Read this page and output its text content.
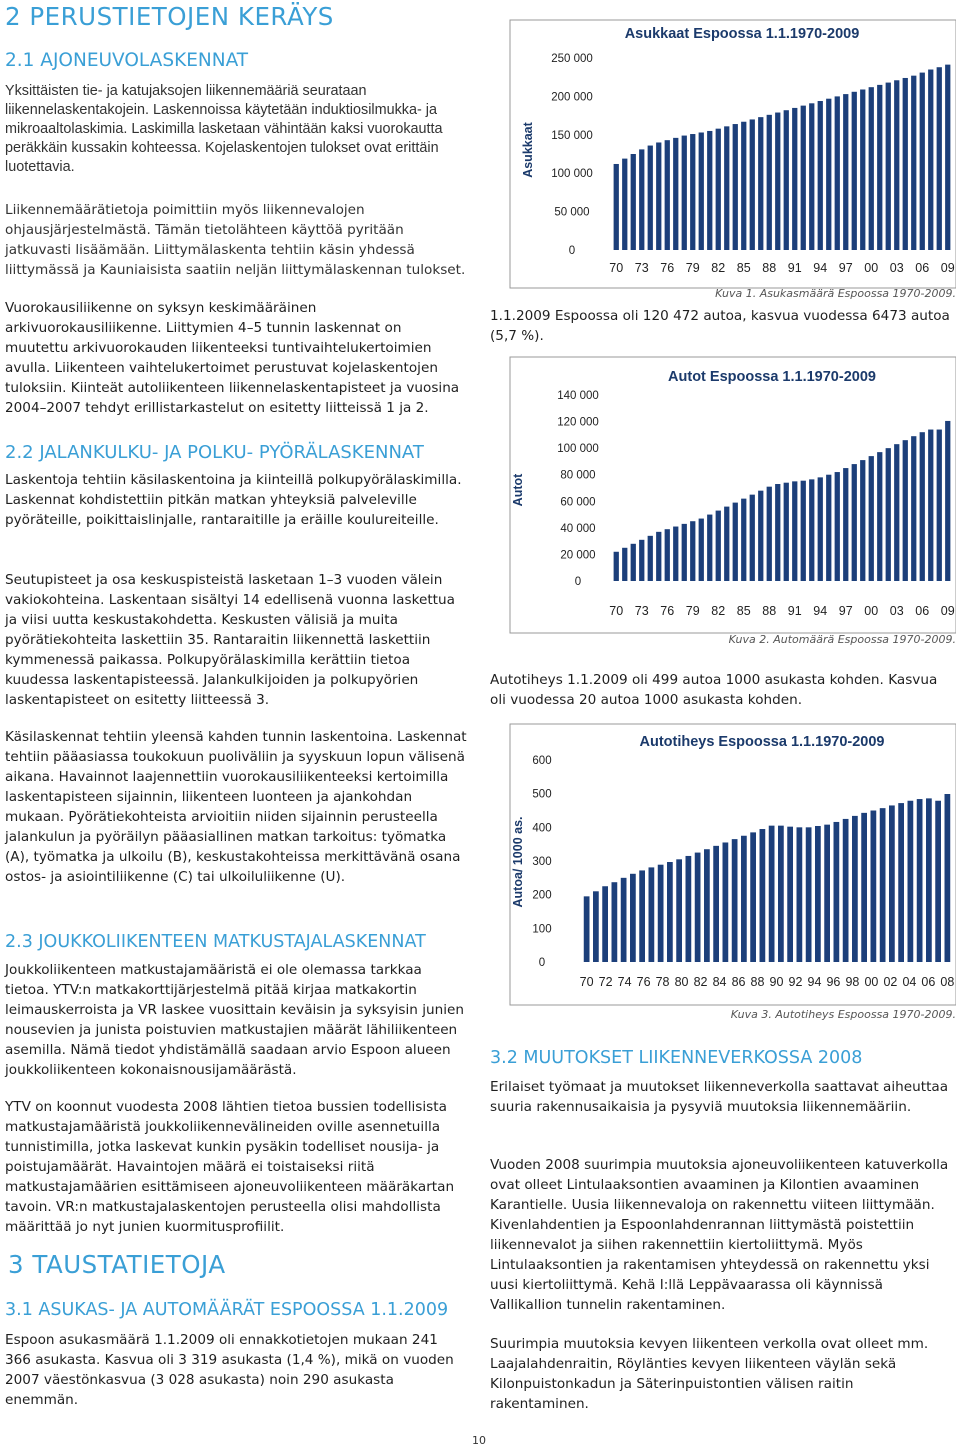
2 PERUSTIETOJEN KERÄYS
2.1 AJONEUVOLASKENNAT
Yksittäisten tie- ja katujaksojen liikennemääriä seurataan liikennelaskentakojein. Laskennoissa käytetään induktiosilmukka- ja mikroaaltolaskimia. Laskimilla lasketaan vähintään kaksi vuorokautta peräkkäin kussakin kohteessa. Kojelaskentojen tulokset ovat erittäin luotettavia.
Liikennemäärätietoja poimittiin myös liikennevalojen ohjausjärjestelmästä. Tämän tietolähteen käyttöä pyritään jatkuvasti lisäämään. Liittymälaskenta tehtiin käsin yhdessä liittymässä ja Kauniaisista saatiin neljän liittymälaskennan tulokset.
Vuorokausiliikenne on syksyn keskimääräinen arkivuorokausiliikenne. Liittymien 4–5 tunnin laskennat on muutettu arkivuorokauden liikenteeksi tuntivaihtelukertoimien avulla. Liikenteen vaihtelukertoimet perustuvat kojelaskentojen tuloksiin. Kiinteät autoliikenteen liikennelaskentapisteet ja vuosina 2004–2007 tehdyt erillistarkastelut on esitetty liitteissä 1 ja 2.
2.2 JALANKULKU- JA POLKU- PYÖRÄLASKENNAT
Laskentoja tehtiin käsilaskentoina ja kiinteillä polkupyörälaskimilla. Laskennat kohdistettiin pitkän matkan yhteyksiä palveleville pyöräteille, poikittaislinjalle, rantaraitille ja eräille koulureiteille.
Seutupisteet ja osa keskuspisteistä lasketaan 1–3 vuoden välein vakiokohteina. Laskentaan sisältyi 14 edellisenä vuonna laskettua ja viisi uutta keskustakohdetta. Keskusten välisiä ja muita pyörätiekohteita laskettiin 35. Rantaraitin liikennettä laskettiin kymmenessä paikassa. Polkupyörälaskimilla kerättiin tietoa kuudessa laskentapisteessä. Jalankulkijoiden ja polkupyörien laskentapisteet on esitetty liitteessä 3.
Käsilaskennat tehtiin yleensä kahden tunnin laskentoina. Laskennat tehtiin pääasiassa toukokuun puoliväliin ja syyskuun lopun välisenä aikana. Havainnot laajennettiin vuorokausiliikenteeksi kertoimilla laskentapisteen sijainnin, liikenteen luonteen ja ajankohdan mukaan. Pyörätiekohteista arvioitiin niiden sijainnin perusteella jalankulun ja pyöräilyn pääasiallinen matkan tarkoitus: työmatka (A), työmatka ja ulkoilu (B), keskustakohteissa merkittävänä osana ostos- ja asiointiliikenne (C) tai ulkoiluliikenne (U).
2.3 JOUKKOLIIKENTEEN MATKUSTAJALASKENNAT
Joukkoliikenteen matkustajamääristä ei ole olemassa tarkkaa tietoa. YTV:n matkakorttijärjestelmä pitää kirjaa matkakortin leimauskerroista ja VR laskee vuosittain keväisin ja syksyisin junien nousevien ja junista poistuvien matkustajien määrät lähiliikenteen asemilla. Nämä tiedot yhdistämällä saadaan arvio Espoon alueen joukkoliikenteen kokonaisnousijamäärästä.
YTV on koonnut vuodesta 2008 lähtien tietoa bussien todellisista matkustajamääristä joukkoliikennevälineiden oville asennetuilla tunnistimilla, jotka laskevat kunkin pysäkin todelliset nousija- ja poistujamäärät. Havaintojen määrä ei toistaiseksi riitä matkustajamäärien esittämiseen ajoneuvoliikenteen määräkartan tavoin. VR:n matkustajalaskentojen perusteella olisi mahdollista määrittää jo nyt junien kuormitusprofiilit.
3 TAUSTATIETOJA
3.1 ASUKAS- JA AUTOMÄÄRÄT ESPOOSSA 1.1.2009
Espoon asukasmäärä 1.1.2009 oli ennakkotietojen mukaan 241 366 asukasta. Kasvua oli 3 319 asukasta (1,4 %), mikä on vuoden 2007 väestönkasvua (3 028 asukasta) noin 290 asukasta enemmän.
Asukkaat Espoossa 1.1.1970-2009
Asukkaat
0
50 000
100 000
150 000
200 000
250 000
70 73 76 79 82 85 88 91 94 97 00 03 06 09
Kuva 1. Asukasmäärä Espoossa 1970-2009.
1.1.2009 Espoossa oli 120 472 autoa, kasvua vuodessa 6473 autoa (5,7 %).
Autot Espoossa 1.1.1970-2009
Autot
0
20 000
40 000
60 000
80 000
100 000
120 000
140 000
70 73 76 79 82 85 88 91 94 97 00 03 06 09
Kuva 2. Automäärä Espoossa 1970-2009.
Autotiheys 1.1.2009 oli 499 autoa 1000 asukasta kohden. Kasvua oli vuodessa 20 autoa 1000 asukasta kohden.
Autotiheys Espoossa 1.1.1970-2009
Autoa/ 1000 as.
0
100
200
300
400
500
600
70 72 74 76 78 80 82 84 86 88 90 92 94 96 98 00 02 04 06 08
Kuva 3. Autotiheys Espoossa 1970-2009.
3.2 MUUTOKSET LIIKENNEVERKOSSA 2008
Erilaiset työmaat ja muutokset liikenneverkolla saattavat aiheuttaa suuria rakennusaikaisia ja pysyviä muutoksia liikennemääriin.
Vuoden 2008 suurimpia muutoksia ajoneuvoliikenteen katuverkolla ovat olleet Lintulaaksontien avaaminen ja Kilontien avaaminen Karantielle. Uusia liikennevaloja on rakennettu viiteen liittymään. Kivenlahdentien ja Espoonlahdenrannan liittymästä poistettiin liikennevalot ja siihen rakennettiin kiertoliittymä. Myös Lintulaaksontien ja rakentamisen yhteydessä on rakennettu yksi uusi kiertoliittymä. Kehä I:llä Leppävaarassa oli käynnissä Vallikallion tunnelin rakentaminen.
Suurimpia muutoksia kevyen liikenteen verkolla ovat olleet mm. Laajalahdenraitin, Röylänties kevyen liikenteen väylän sekä Kilonpuistonkadun ja Säterinpuistontien välisen raitin rakentaminen.
10
